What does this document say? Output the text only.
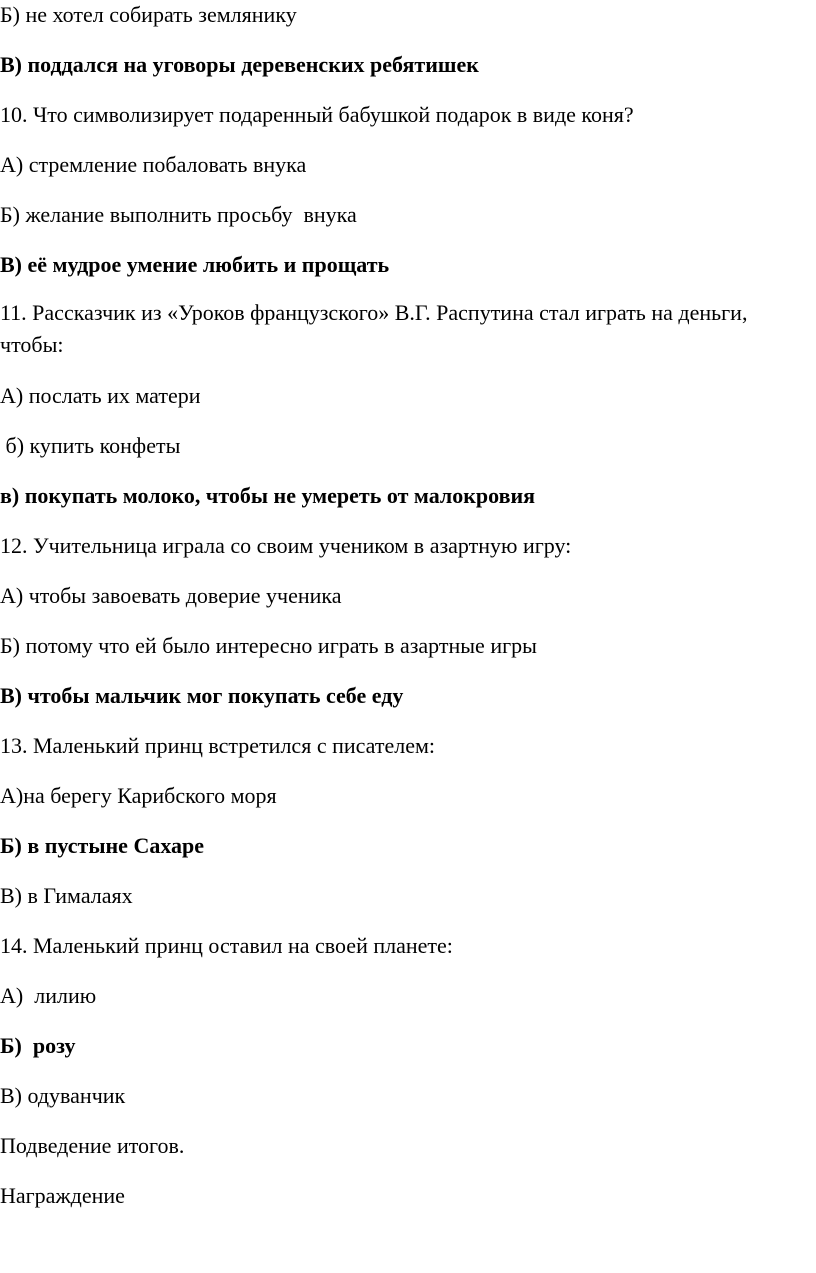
Б) не хотел собирать землянику
В) поддался на уговоры деревенских ребятишек
10. Что символизирует подаренный бабушкой подарок в виде коня?
А) стремление побаловать внука
Б) желание выполнить просьбу  внука
В) её мудрое умение любить и прощать
11. Рассказчик из «Уроков французского» В.Г. Распутина стал играть на деньги, чтобы:
А) послать их матери
б) купить конфеты
в) покупать молоко, чтобы не умереть от малокровия
12. Учительница играла со своим учеником в азартную игру:
А) чтобы завоевать доверие ученика
Б) потому что ей было интересно играть в азартные игры
В) чтобы мальчик мог покупать себе еду
13. Маленький принц встретился с писателем:
А)на берегу Карибского моря
Б) в пустыне Сахаре
В) в Гималаях
14. Маленький принц оставил на своей планете:
А)  лилию
Б)  розу
В) одуванчик
Подведение итогов.
Награждение
